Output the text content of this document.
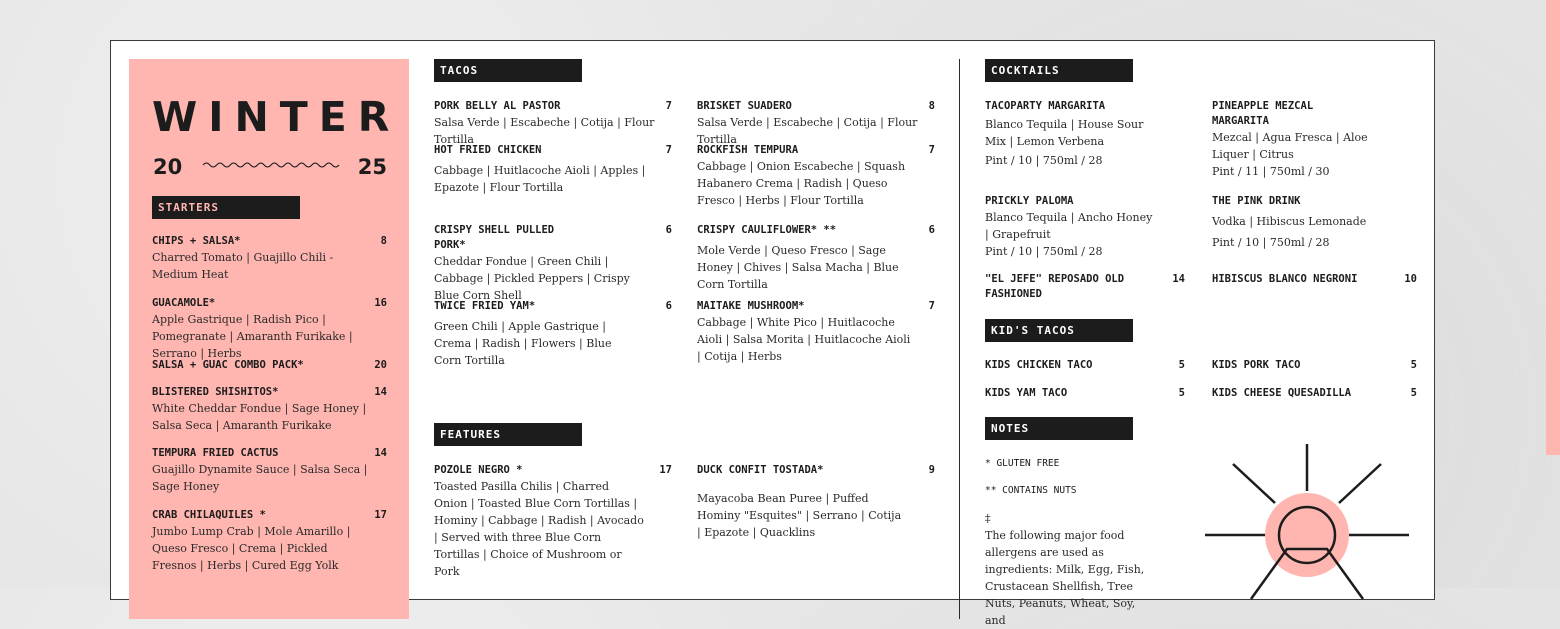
WINTER
20	25
STARTERS
CHIPS + SALSA*	8
Charred Tomato | Guajillo Chili - Medium Heat
GUACAMOLE*	16
Apple Gastrique | Radish Pico | Pomegranate | Amaranth Furikake | Serrano | Herbs
SALSA + GUAC COMBO PACK*	20
BLISTERED SHISHITOS*	14
White Cheddar Fondue | Sage Honey | Salsa Seca | Amaranth Furikake
TEMPURA FRIED CACTUS	14
Guajillo Dynamite Sauce | Salsa Seca | Sage Honey
CRAB CHILAQUILES *	17
Jumbo Lump Crab | Mole Amarillo | Queso Fresco | Crema | Pickled Fresnos | Herbs | Cured Egg Yolk
TACOS
PORK BELLY AL PASTOR	7
Salsa Verde | Escabeche | Cotija | Flour Tortilla
BRISKET SUADERO	8
Salsa Verde | Escabeche | Cotija | Flour Tortilla
HOT FRIED CHICKEN	7
Cabbage | Huitlacoche Aioli | Apples | Epazote | Flour Tortilla
ROCKFISH TEMPURA	7
Cabbage | Onion Escabeche | Squash Habanero Crema | Radish | Queso Fresco | Herbs | Flour Tortilla
CRISPY SHELL PULLED PORK*
6
Cheddar Fondue | Green Chili | Cabbage | Pickled Peppers | Crispy Blue Corn Shell
CRISPY CAULIFLOWER* **	6
Mole Verde | Queso Fresco | Sage Honey | Chives | Salsa Macha | Blue Corn Tortilla
TWICE FRIED YAM*	6
Green Chili | Apple Gastrique | Crema | Radish | Flowers | Blue Corn Tortilla
MAITAKE MUSHROOM*	7
Cabbage | White Pico | Huitlacoche Aioli | Salsa Morita | Huitlacoche Aioli | Cotija | Herbs
FEATURES
POZOLE NEGRO *	17
Toasted Pasilla Chilis | Charred Onion | Toasted Blue Corn Tortillas | Hominy | Cabbage | Radish | Avocado | Served with three Blue Corn Tortillas | Choice of Mushroom or Pork
DUCK CONFIT TOSTADA*	9
Mayacoba Bean Puree | Puffed Hominy "Esquites" | Serrano | Cotija | Epazote | Quacklins
COCKTAILS
TACOPARTY MARGARITA
Blanco Tequila | House Sour Mix | Lemon Verbena
Pint / 10 | 750ml / 28
PINEAPPLE MEZCAL MARGARITA
Mezcal | Agua Fresca | Aloe Liquer | Citrus
Pint / 11 | 750ml / 30
PRICKLY PALOMA
Blanco Tequila | Ancho Honey | Grapefruit
Pint / 10 | 750ml / 28
THE PINK DRINK
Vodka | Hibiscus Lemonade
Pint / 10 | 750ml / 28
"EL JEFE" REPOSADO OLD FASHIONED
14	HIBISCUS BLANCO NEGRONI	10
KID'S TACOS
KIDS CHICKEN TACO	5	KIDS PORK TACO	5
KIDS YAM TACO	5	KIDS CHEESE QUESADILLA	5
NOTES
* GLUTEN FREE
** CONTAINS NUTS
‡
The following major food allergens are used as ingredients: Milk, Egg, Fish, Crustacean Shellfish, Tree Nuts, Peanuts, Wheat, Soy, and
